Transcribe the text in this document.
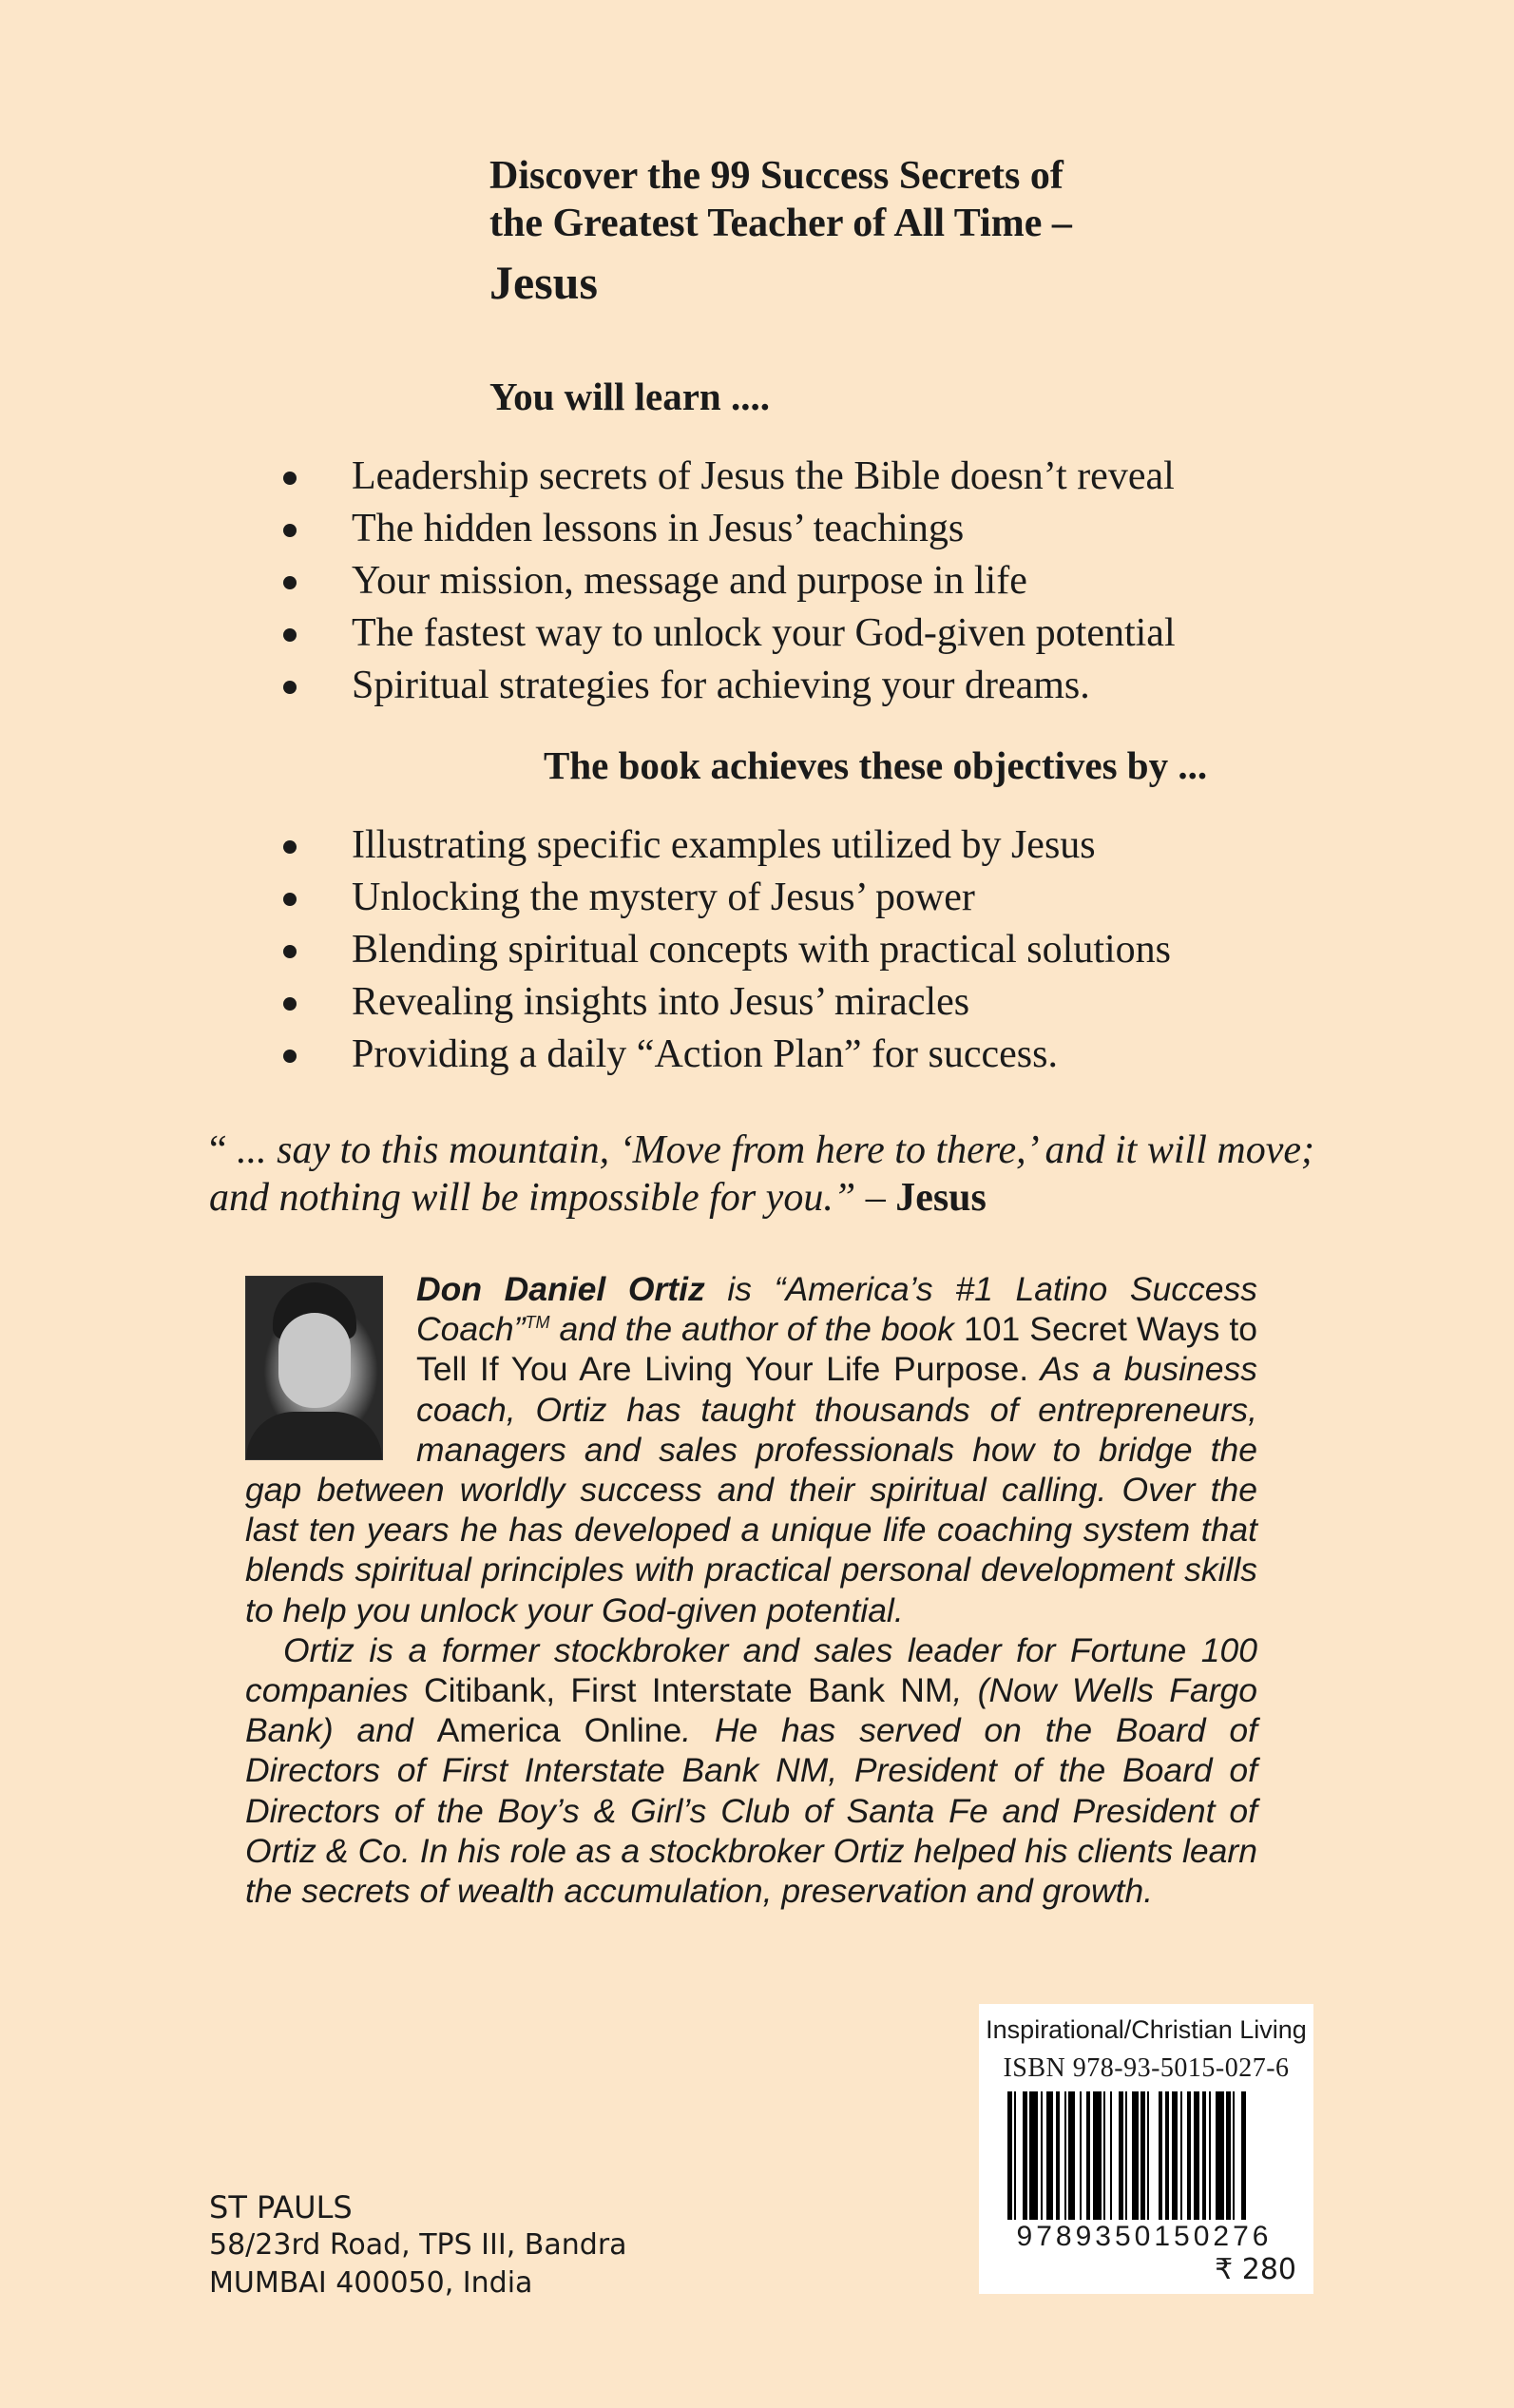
Discover the 99 Success Secrets of
the Greatest Teacher of All Time –
Jesus
You will learn ....
Leadership secrets of Jesus the Bible doesn’t reveal
The hidden lessons in Jesus’ teachings
Your mission, message and purpose in life
The fastest way to unlock your God-given potential
Spiritual strategies for achieving your dreams.
The book achieves these objectives by ...
Illustrating specific examples utilized by Jesus
Unlocking the mystery of Jesus’ power
Blending spiritual concepts with practical solutions
Revealing insights into Jesus’ miracles
Providing a daily “Action Plan” for success.
“ ... say to this mountain, ‘Move from here to there,’ and it will move; and nothing will be impossible for you.” – Jesus

Don Daniel Ortiz is “America’s #1 Latino Success Coach”™ and the author of the book 101 Secret Ways to Tell If You Are Living Your Life Purpose. As a business coach, Ortiz has taught thousands of entrepreneurs, managers and sales professionals how to bridge the gap between worldly success and their spiritual calling. Over the last ten years he has developed a unique life coaching system that blends spiritual principles with practical personal development skills to help you unlock your God-given potential.

Ortiz is a former stockbroker and sales leader for Fortune 100 companies Citibank, First Interstate Bank NM, (Now Wells Fargo Bank) and America Online. He has served on the Board of Directors of First Interstate Bank NM, President of the Board of Directors of the Boy’s & Girl’s Club of Santa Fe and President of Ortiz & Co. In his role as a stockbroker Ortiz helped his clients learn the secrets of wealth accumulation, preservation and growth.

Inspirational/Christian Living
ISBN 978-93-5015-027-6
9789350150276
₹ 280
ST PAULS
58/23rd Road, TPS III, Bandra
MUMBAI 400050, India
